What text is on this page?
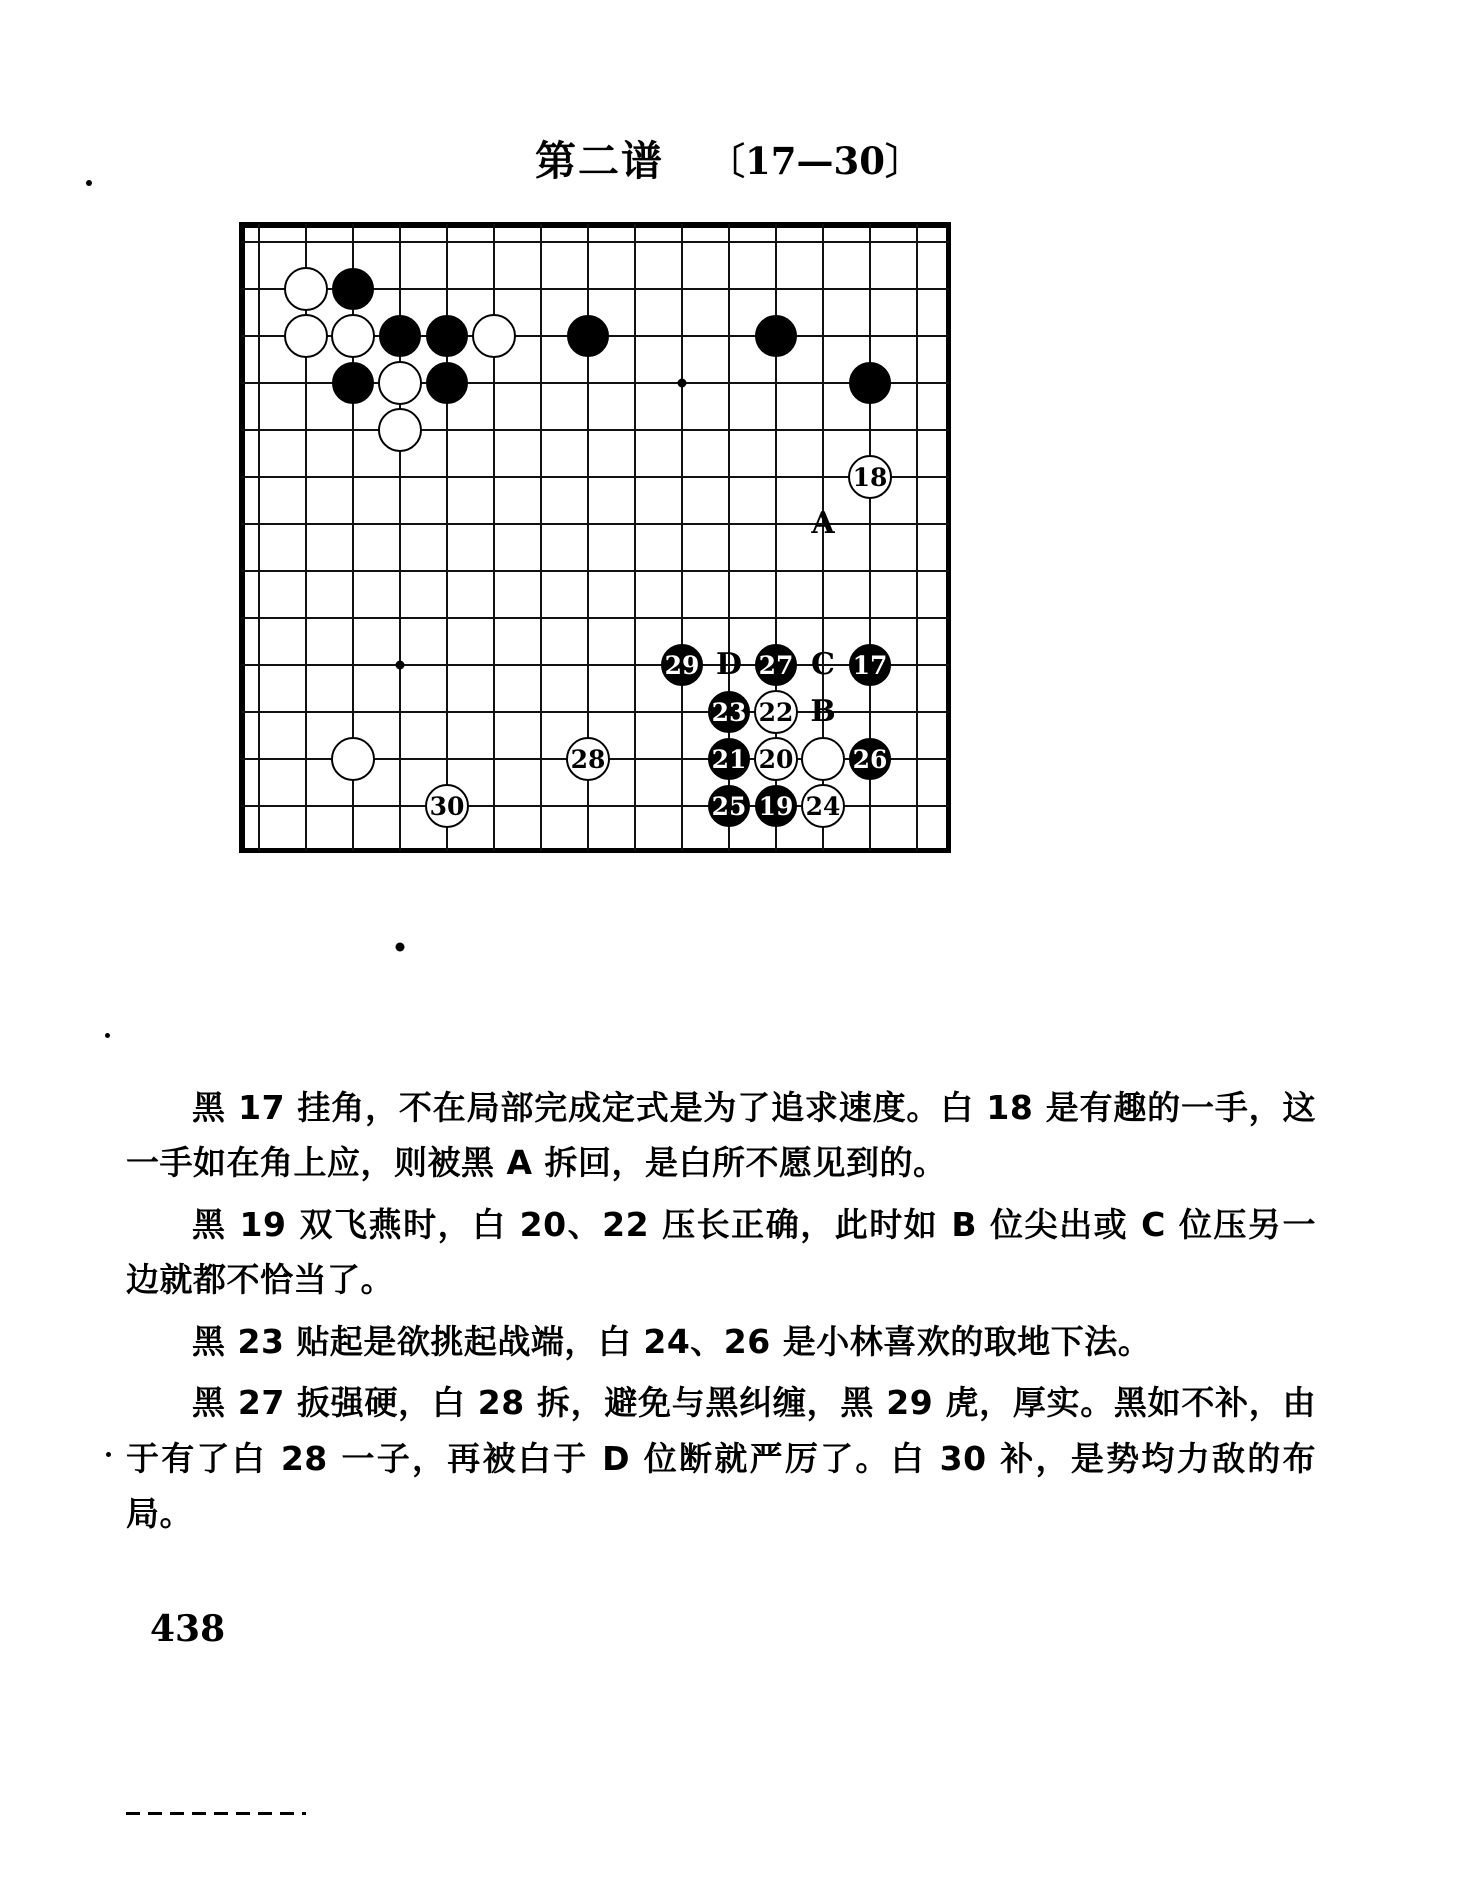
第二谱 〔17—30〕
17
18
19
20
21
22
23
24
25
26
27
28
29
30
A
B
C
D

黑 17 挂角，不在局部完成定式是为了追求速度。白 18 是有趣的一手，这一手如在角上应，则被黑 A 拆回，是白所不愿见到的。

黑 19 双飞燕时，白 20、22 压长正确，此时如 B 位尖出或 C 位压另一边就都不恰当了。

黑 23 贴起是欲挑起战端，白 24、26 是小林喜欢的取地下法。

黑 27 扳强硬，白 28 拆，避免与黑纠缠，黑 29 虎，厚实。黑如不补，由于有了白 28 一子，再被白于 D 位断就严厉了。白 30 补，是势均力敌的布局。

438
